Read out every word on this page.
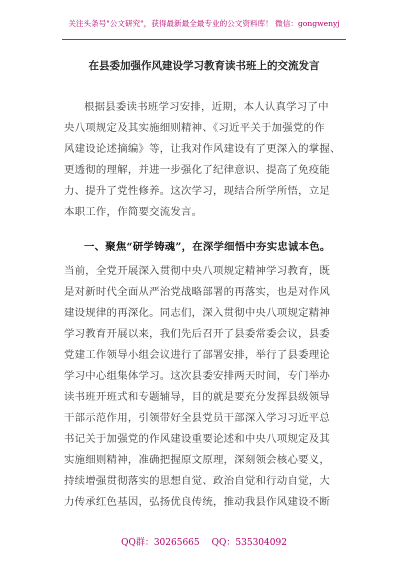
关注头条号"公文研究"，获得最新最全最专业的公文资料库！ 微信：gongwenyj
在县委加强作风建设学习教育读书班上的交流发言
根据县委读书班学习安排，近期，本人认真学习了中
央八项规定及其实施细则精神、《习近平关于加强党的作
风建设论述摘编》等，让我对作风建设有了更深入的掌握、
更透彻的理解，并进一步强化了纪律意识、提高了免疫能
力、提升了党性修养。这次学习，现结合所学所悟，立足
本职工作，作简要交流发言。
一、聚焦“研学铸魂”，在深学细悟中夯实忠诚本色。
当前，全党开展深入贯彻中央八项规定精神学习教育，既
是对新时代全面从严治党战略部署的再落实，也是对作风
建设规律的再深化。同志们，深入贯彻中央八项规定精神
学习教育开展以来，我们先后召开了县委常委会议，县委
党建工作领导小组会议进行了部署安排，举行了县委理论
学习中心组集体学习。这次县委安排两天时间，专门举办
读书班开班式和专题辅导，目的就是要充分发挥县级领导
干部示范作用，引领带好全县党员干部深入学习习近平总
书记关于加强党的作风建设重要论述和中央八项规定及其
实施细则精神，准确把握原文原理，深刻领会核心要义，
持续增强贯彻落实的思想自觉、政治自觉和行动自觉，大
力传承红色基因，弘扬优良传统，推动我县作风建设不断
QQ群：30265665 QQ：535304092
